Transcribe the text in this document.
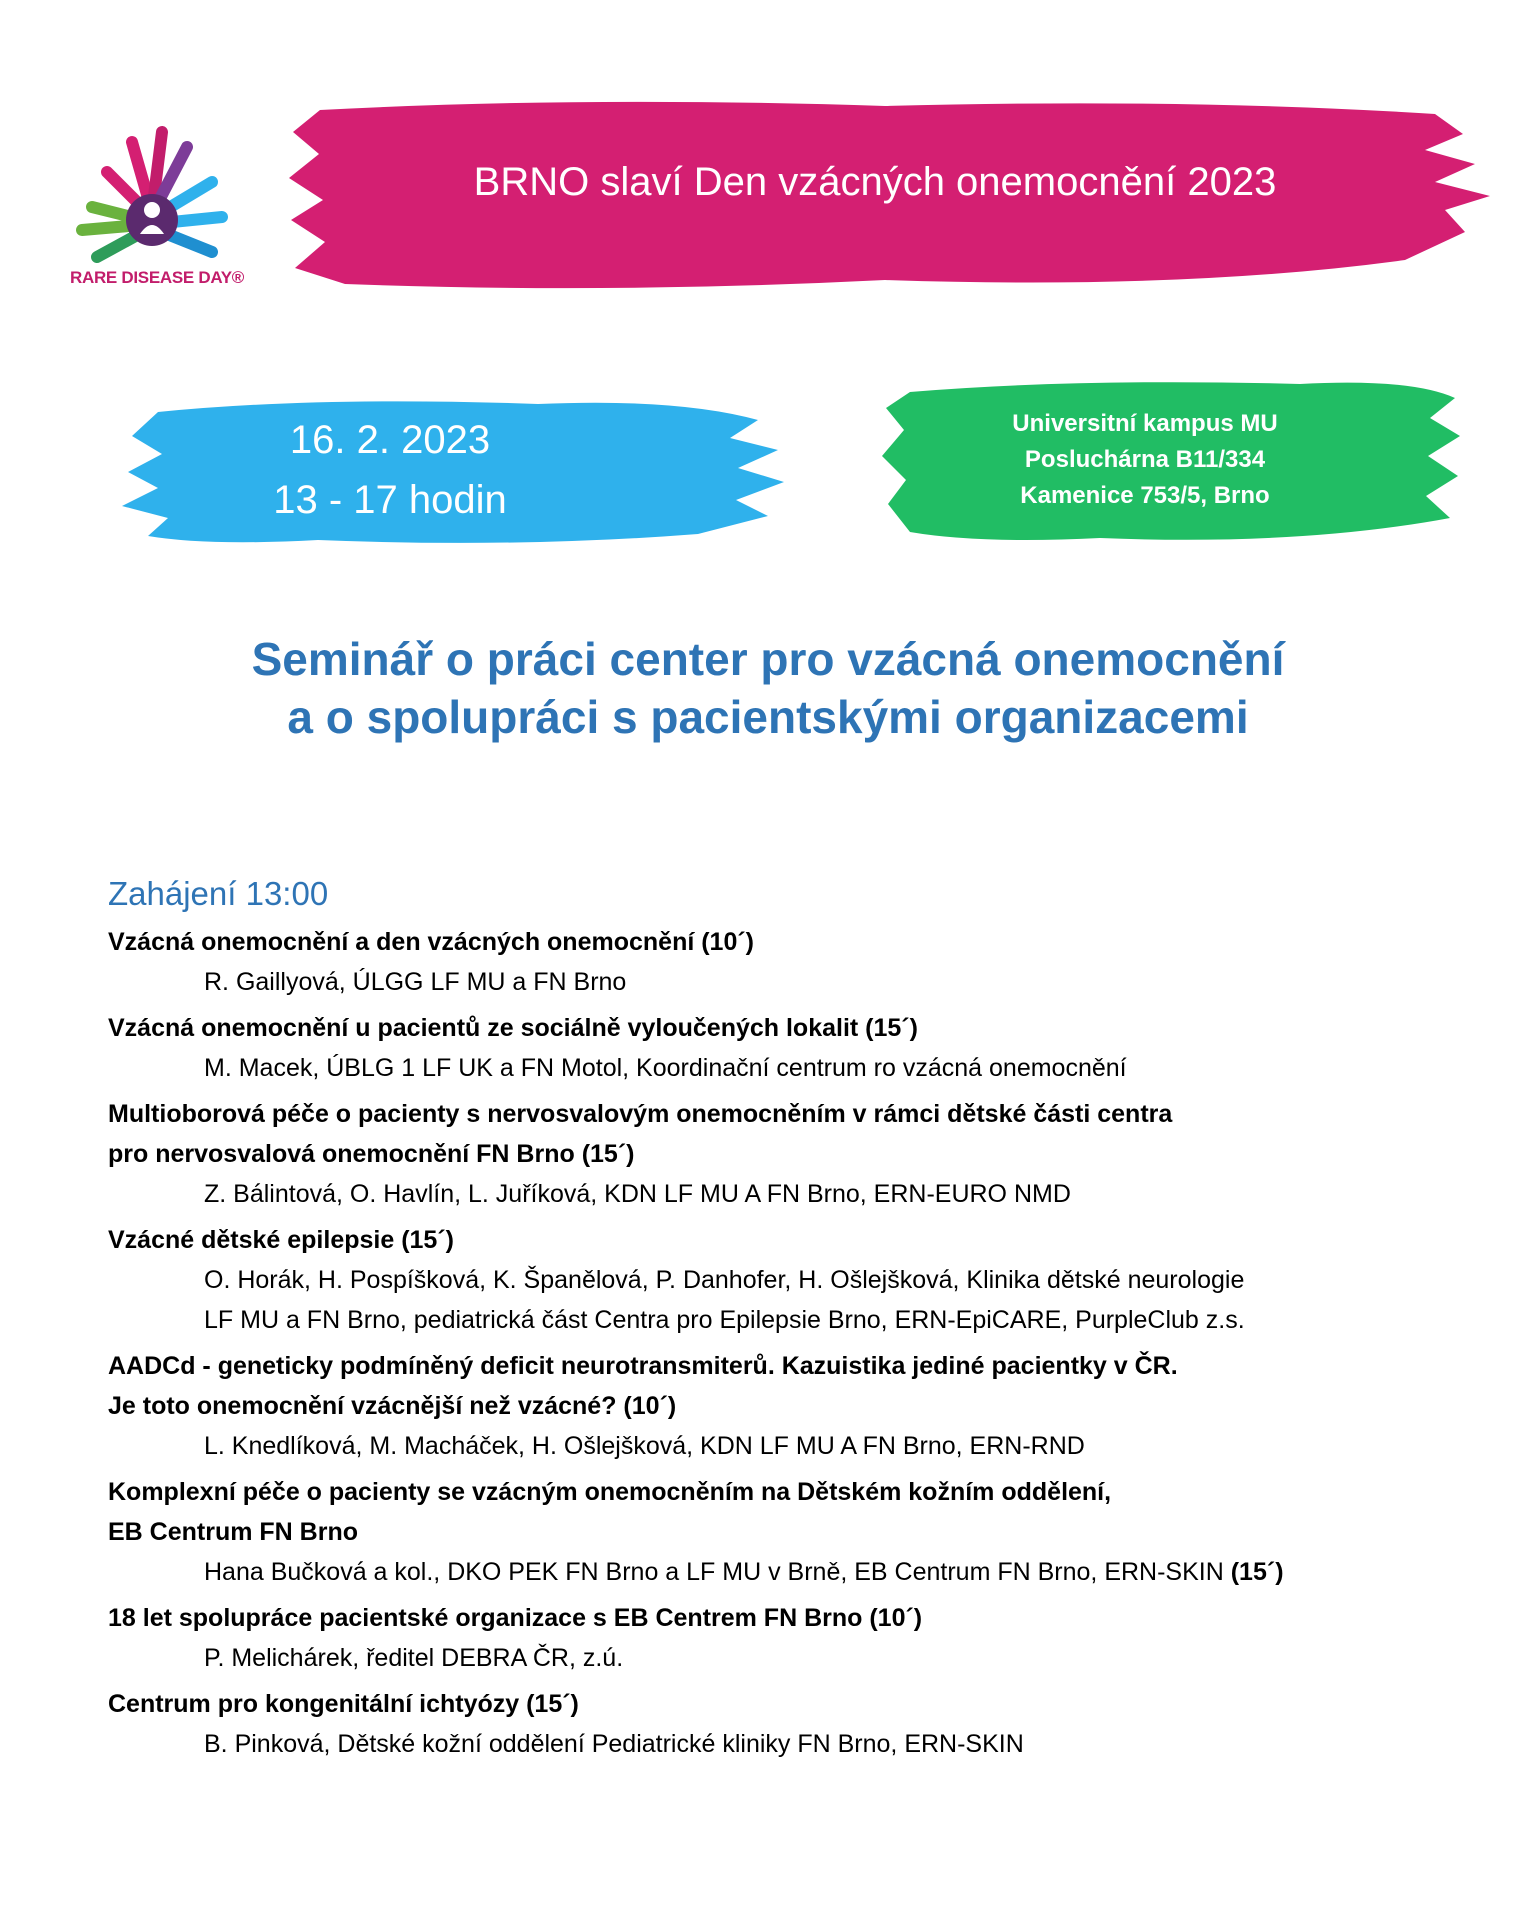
RARE DISEASE DAY®
BRNO slaví Den vzácných onemocnění 2023
16. 2. 2023
13 - 17 hodin
Universitní kampus MU
Posluchárna B11/334
Kamenice 753/5, Brno
Seminář o práci center pro vzácná onemocnění
a o spolupráci s pacientskými organizacemi
Zahájení 13:00
Vzácná onemocnění a den vzácných onemocnění (10´)
R. Gaillyová, ÚLGG LF MU a FN Brno
Vzácná onemocnění u pacientů ze sociálně vyloučených lokalit (15´)
M. Macek, ÚBLG 1 LF UK a FN Motol, Koordinační centrum ro vzácná onemocnění
Multioborová péče o pacienty s nervosvalovým onemocněním v rámci dětské části centra
pro nervosvalová onemocnění FN Brno (15´)
Z. Bálintová, O. Havlín, L. Juříková, KDN LF MU A FN Brno, ERN-EURO NMD
Vzácné dětské epilepsie (15´)
O. Horák, H. Pospíšková, K. Španělová, P. Danhofer, H. Ošlejšková, Klinika dětské neurologie
LF MU a FN Brno, pediatrická část Centra pro Epilepsie Brno, ERN-EpiCARE, PurpleClub z.s.
AADCd - geneticky podmíněný deficit neurotransmiterů. Kazuistika jediné pacientky v ČR.
Je toto onemocnění vzácnější než vzácné? (10´)
L. Knedlíková, M. Macháček, H. Ošlejšková, KDN LF MU A FN Brno, ERN-RND
Komplexní péče o pacienty se vzácným onemocněním na Dětském kožním oddělení,
EB Centrum FN Brno
Hana Bučková a kol., DKO PEK FN Brno a LF MU v Brně, EB Centrum FN Brno, ERN-SKIN (15´)
18 let spolupráce pacientské organizace s EB Centrem FN Brno (10´)
P. Melichárek, ředitel DEBRA ČR, z.ú.
Centrum pro kongenitální ichtyózy (15´)
B. Pinková, Dětské kožní oddělení Pediatrické kliniky FN Brno, ERN-SKIN
